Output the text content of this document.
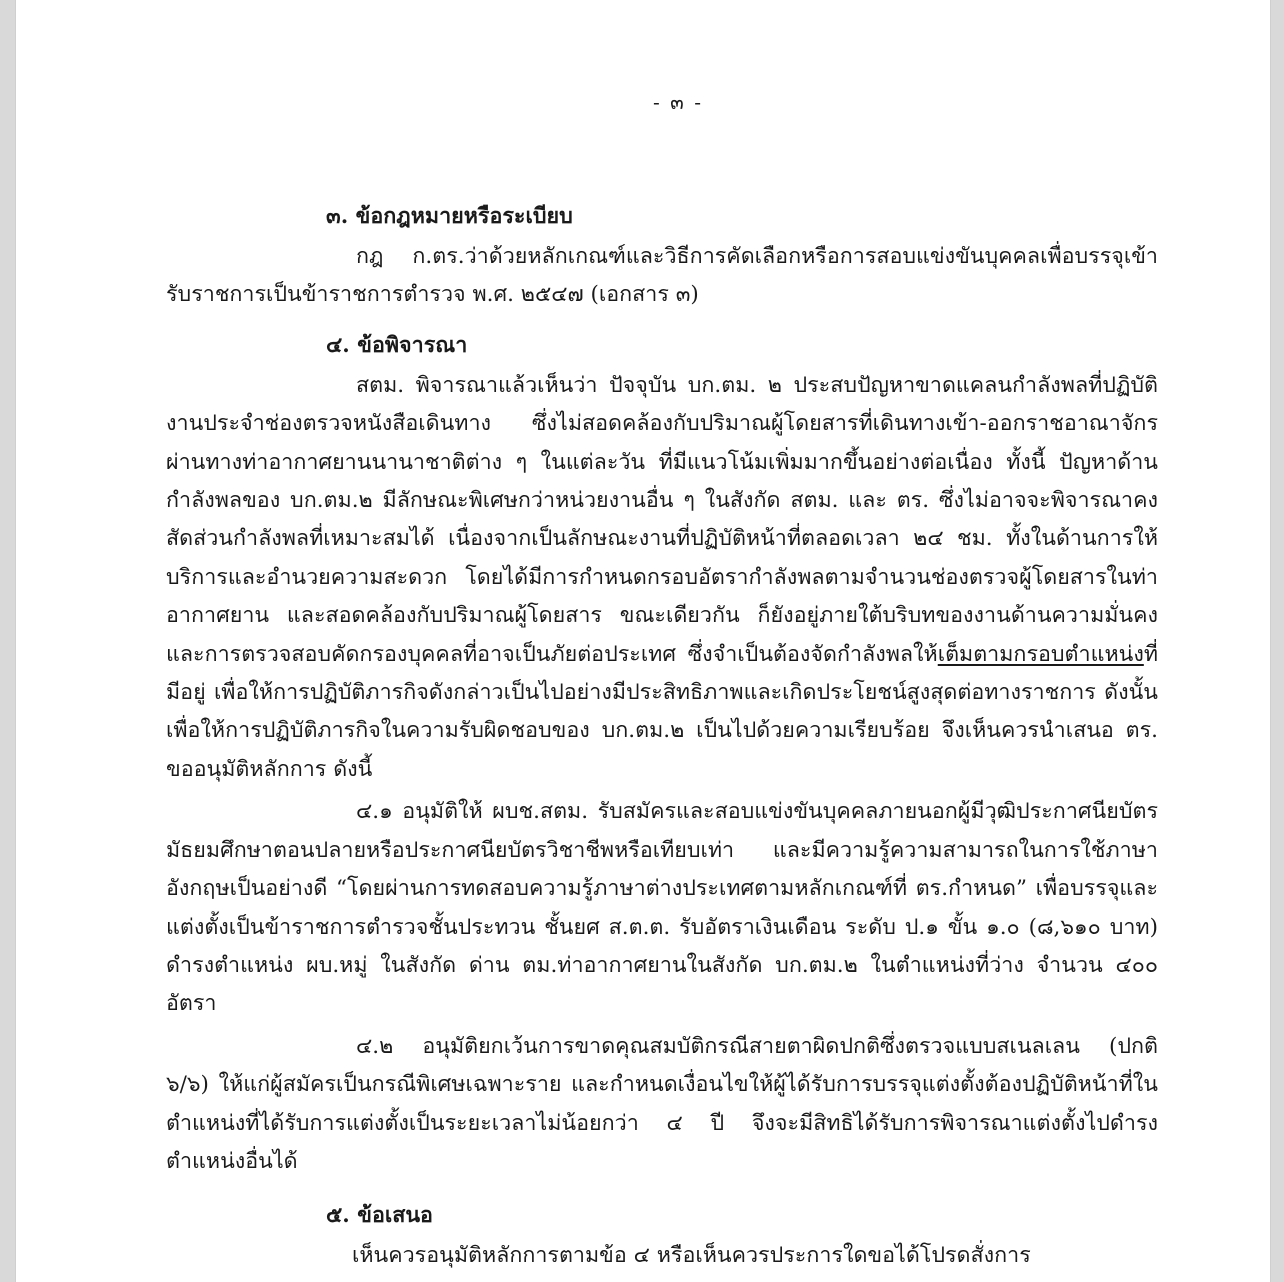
- ๓ -

๓. ข้อกฎหมายหรือระเบียบ

กฎ ก.ตร.ว่าด้วยหลักเกณฑ์และวิธีการคัดเลือกหรือการสอบแข่งขันบุคคลเพื่อบรรจุเข้ารับราชการเป็นข้าราชการตำรวจ พ.ศ. ๒๕๔๗ (เอกสาร ๓)

๔. ข้อพิจารณา

สตม. พิจารณาแล้วเห็นว่า ปัจจุบัน บก.ตม. ๒ ประสบปัญหาขาดแคลนกำลังพลที่ปฏิบัติงานประจำช่องตรวจหนังสือเดินทาง ซึ่งไม่สอดคล้องกับปริมาณผู้โดยสารที่เดินทางเข้า-ออกราชอาณาจักรผ่านทางท่าอากาศยานนานาชาติต่าง ๆ ในแต่ละวัน ที่มีแนวโน้มเพิ่มมากขึ้นอย่างต่อเนื่อง ทั้งนี้ ปัญหาด้านกำลังพลของ บก.ตม.๒ มีลักษณะพิเศษกว่าหน่วยงานอื่น ๆ ในสังกัด สตม. และ ตร. ซึ่งไม่อาจจะพิจารณาคงสัดส่วนกำลังพลที่เหมาะสมได้ เนื่องจากเป็นลักษณะงานที่ปฏิบัติหน้าที่ตลอดเวลา ๒๔ ชม. ทั้งในด้านการให้บริการและอำนวยความสะดวก โดยได้มีการกำหนดกรอบอัตรากำลังพลตามจำนวนช่องตรวจผู้โดยสารในท่าอากาศยาน และสอดคล้องกับปริมาณผู้โดยสาร ขณะเดียวกัน ก็ยังอยู่ภายใต้บริบทของงานด้านความมั่นคง และการตรวจสอบคัดกรองบุคคลที่อาจเป็นภัยต่อประเทศ ซึ่งจำเป็นต้องจัดกำลังพลให้เต็มตามกรอบตำแหน่งที่มีอยู่ เพื่อให้การปฏิบัติภารกิจดังกล่าวเป็นไปอย่างมีประสิทธิภาพและเกิดประโยชน์สูงสุดต่อทางราชการ ดังนั้น เพื่อให้การปฏิบัติภารกิจในความรับผิดชอบของ บก.ตม.๒ เป็นไปด้วยความเรียบร้อย จึงเห็นควรนำเสนอ ตร. ขออนุมัติหลักการ ดังนี้

๔.๑ อนุมัติให้ ผบช.สตม. รับสมัครและสอบแข่งขันบุคคลภายนอกผู้มีวุฒิประกาศนียบัตรมัธยมศึกษาตอนปลายหรือประกาศนียบัตรวิชาชีพหรือเทียบเท่า และมีความรู้ความสามารถในการใช้ภาษาอังกฤษเป็นอย่างดี “โดยผ่านการทดสอบความรู้ภาษาต่างประเทศตามหลักเกณฑ์ที่ ตร.กำหนด” เพื่อบรรจุและแต่งตั้งเป็นข้าราชการตำรวจชั้นประทวน ชั้นยศ ส.ต.ต. รับอัตราเงินเดือน ระดับ ป.๑ ขั้น ๑.๐ (๘,๖๑๐ บาท) ดำรงตำแหน่ง ผบ.หมู่ ในสังกัด ด่าน ตม.ท่าอากาศยานในสังกัด บก.ตม.๒ ในตำแหน่งที่ว่าง จำนวน ๔๐๐ อัตรา

๔.๒ อนุมัติยกเว้นการขาดคุณสมบัติกรณีสายตาผิดปกติซึ่งตรวจแบบสเนลเลน (ปกติ ๖/๖) ให้แก่ผู้สมัครเป็นกรณีพิเศษเฉพาะราย และกำหนดเงื่อนไขให้ผู้ได้รับการบรรจุแต่งตั้งต้องปฏิบัติหน้าที่ในตำแหน่งที่ได้รับการแต่งตั้งเป็นระยะเวลาไม่น้อยกว่า ๔ ปี จึงจะมีสิทธิได้รับการพิจารณาแต่งตั้งไปดำรงตำแหน่งอื่นได้

๕. ข้อเสนอ

เห็นควรอนุมัติหลักการตามข้อ ๔ หรือเห็นควรประการใดขอได้โปรดสั่งการ
